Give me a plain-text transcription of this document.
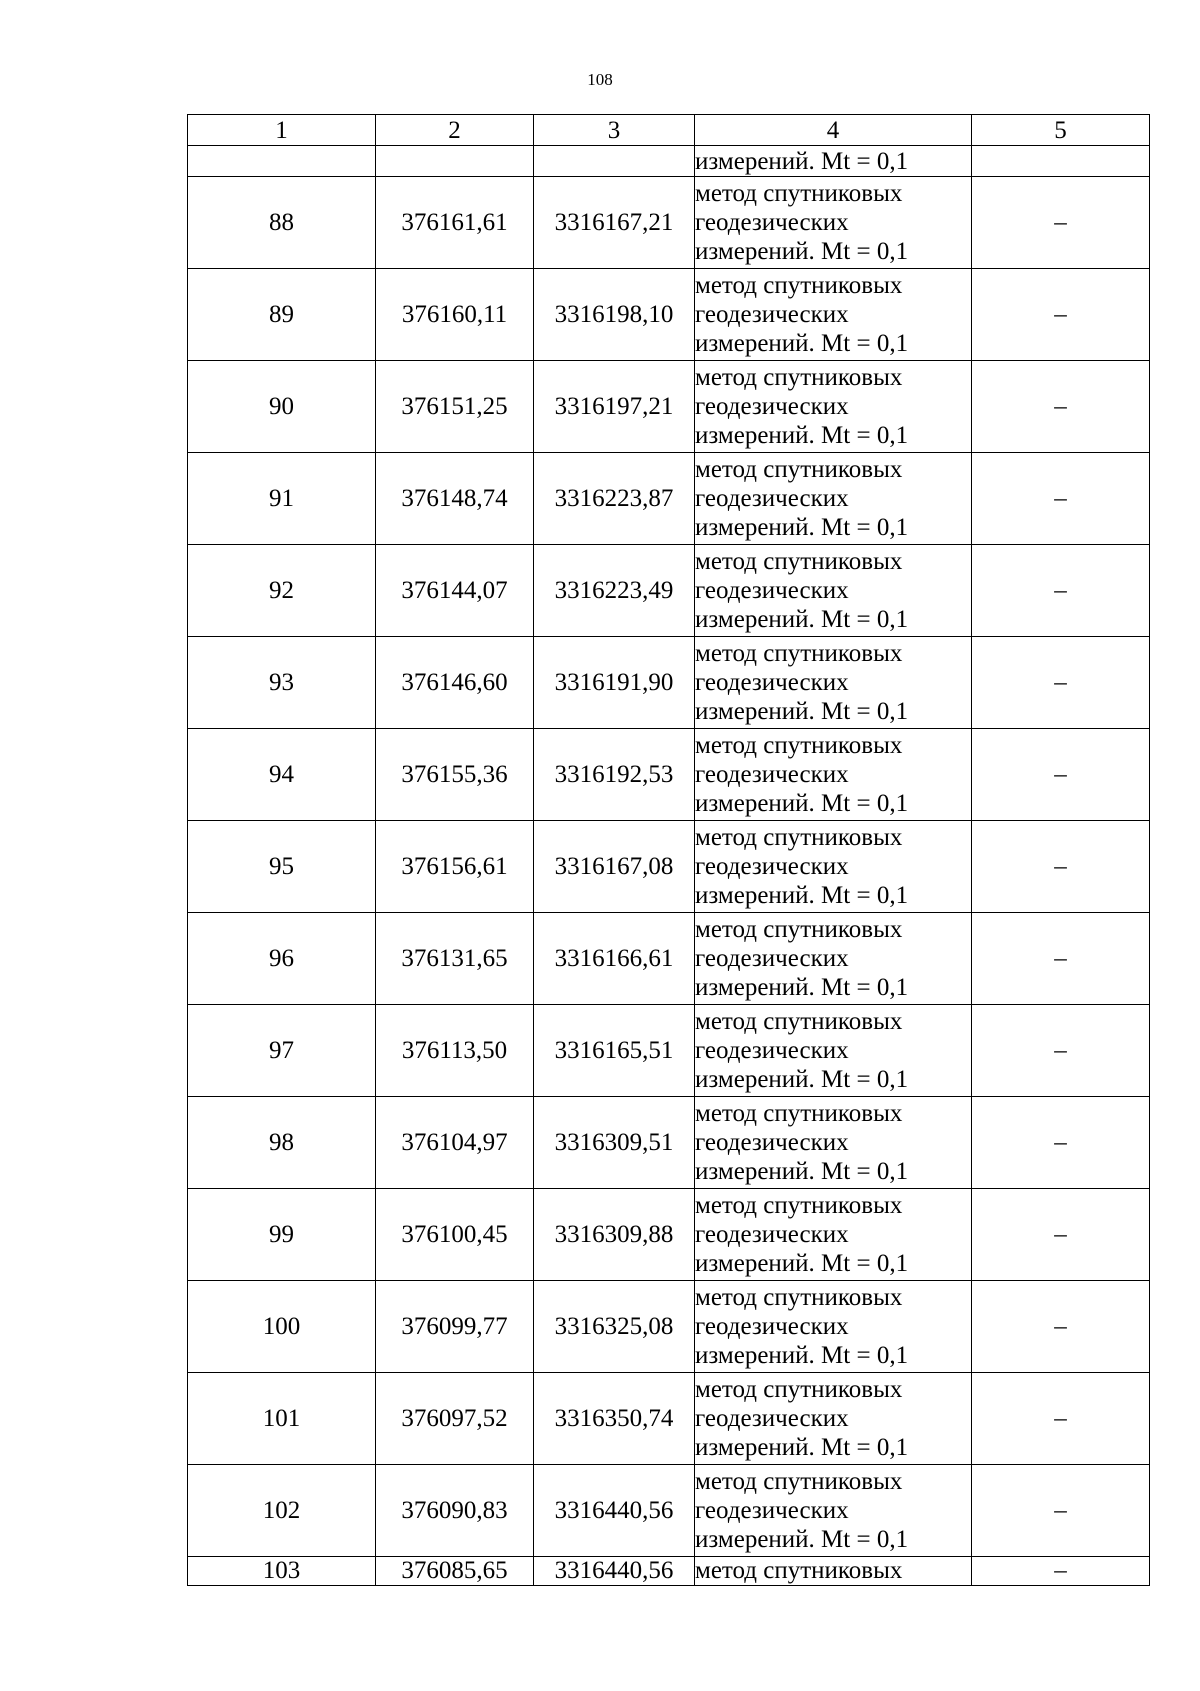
108
1	2	3	4	5
			измерений. Mt = 0,1	
88	376161,61	3316167,21	метод спутниковых
геодезических
измерений. Mt = 0,1	–
89	376160,11	3316198,10	метод спутниковых
геодезических
измерений. Mt = 0,1	–
90	376151,25	3316197,21	метод спутниковых
геодезических
измерений. Mt = 0,1	–
91	376148,74	3316223,87	метод спутниковых
геодезических
измерений. Mt = 0,1	–
92	376144,07	3316223,49	метод спутниковых
геодезических
измерений. Mt = 0,1	–
93	376146,60	3316191,90	метод спутниковых
геодезических
измерений. Mt = 0,1	–
94	376155,36	3316192,53	метод спутниковых
геодезических
измерений. Mt = 0,1	–
95	376156,61	3316167,08	метод спутниковых
геодезических
измерений. Mt = 0,1	–
96	376131,65	3316166,61	метод спутниковых
геодезических
измерений. Mt = 0,1	–
97	376113,50	3316165,51	метод спутниковых
геодезических
измерений. Mt = 0,1	–
98	376104,97	3316309,51	метод спутниковых
геодезических
измерений. Mt = 0,1	–
99	376100,45	3316309,88	метод спутниковых
геодезических
измерений. Mt = 0,1	–
100	376099,77	3316325,08	метод спутниковых
геодезических
измерений. Mt = 0,1	–
101	376097,52	3316350,74	метод спутниковых
геодезических
измерений. Mt = 0,1	–
102	376090,83	3316440,56	метод спутниковых
геодезических
измерений. Mt = 0,1	–
103	376085,65	3316440,56	метод спутниковых	–
